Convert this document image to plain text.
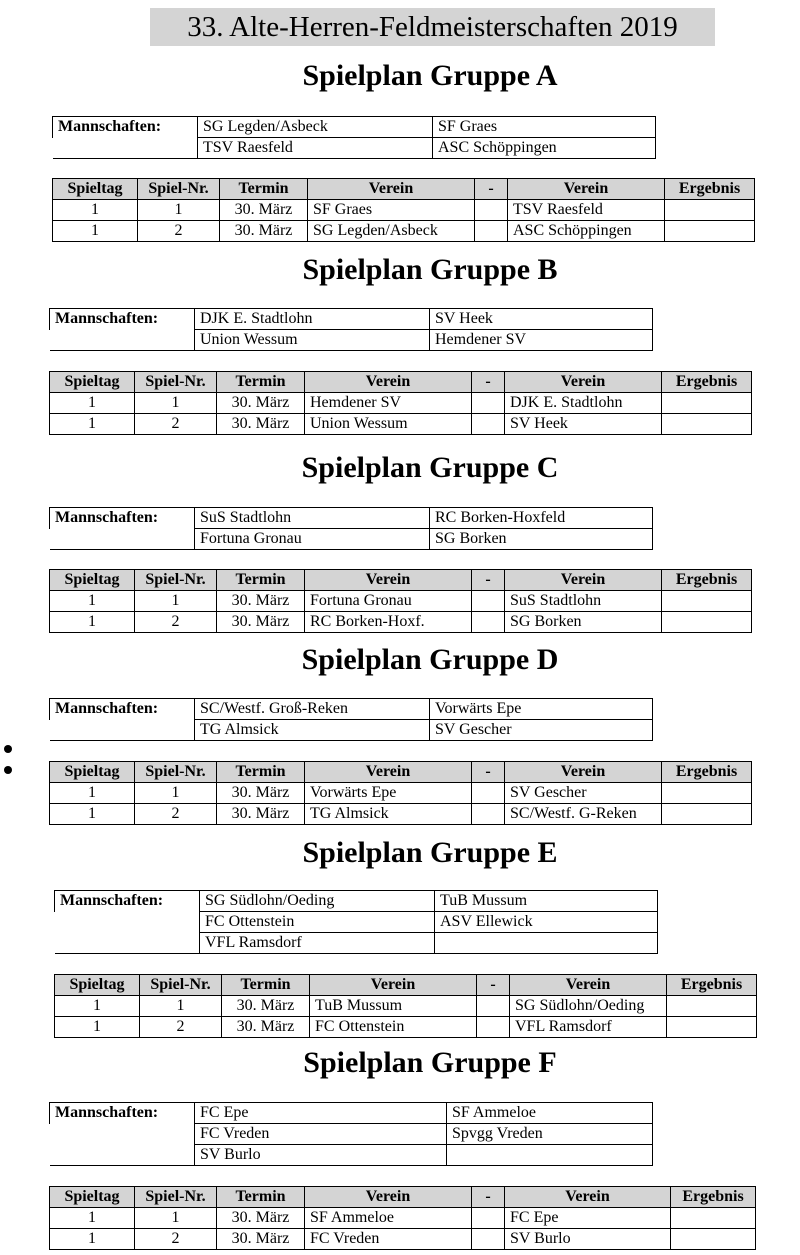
33. Alte-Herren-Feldmeisterschaften 2019
Spielplan Gruppe A
Mannschaften:	SG Legden/Asbeck	SF Graes
	TSV Raesfeld	ASC Schöppingen
Spieltag	Spiel-Nr.	Termin	Verein	-	Verein	Ergebnis
1	1	30. März	SF Graes		TSV Raesfeld	
1	2	30. März	SG Legden/Asbeck		ASC Schöppingen	
Spielplan Gruppe B
Mannschaften:	DJK E. Stadtlohn	SV Heek
	Union Wessum	Hemdener SV
Spieltag	Spiel-Nr.	Termin	Verein	-	Verein	Ergebnis
1	1	30. März	Hemdener SV		DJK E. Stadtlohn	
1	2	30. März	Union Wessum		SV Heek	
Spielplan Gruppe C
Mannschaften:	SuS Stadtlohn	RC Borken-Hoxfeld
	Fortuna Gronau	SG Borken
Spieltag	Spiel-Nr.	Termin	Verein	-	Verein	Ergebnis
1	1	30. März	Fortuna Gronau		SuS Stadtlohn	
1	2	30. März	RC Borken-Hoxf.		SG Borken	
Spielplan Gruppe D
Mannschaften:	SC/Westf. Groß-Reken	Vorwärts Epe
	TG Almsick	SV Gescher
Spieltag	Spiel-Nr.	Termin	Verein	-	Verein	Ergebnis
1	1	30. März	Vorwärts Epe		SV Gescher	
1	2	30. März	TG Almsick		SC/Westf. G-Reken	
Spielplan Gruppe E
Mannschaften:	SG Südlohn/Oeding	TuB Mussum
	FC Ottenstein	ASV Ellewick
	VFL Ramsdorf	
Spieltag	Spiel-Nr.	Termin	Verein	-	Verein	Ergebnis
1	1	30. März	TuB Mussum		SG Südlohn/Oeding	
1	2	30. März	FC Ottenstein		VFL Ramsdorf	
Spielplan Gruppe F
Mannschaften:	FC Epe	SF Ammeloe
	FC Vreden	Spvgg Vreden
	SV Burlo	
Spieltag	Spiel-Nr.	Termin	Verein	-	Verein	Ergebnis
1	1	30. März	SF Ammeloe		FC Epe	
1	2	30. März	FC Vreden		SV Burlo	
